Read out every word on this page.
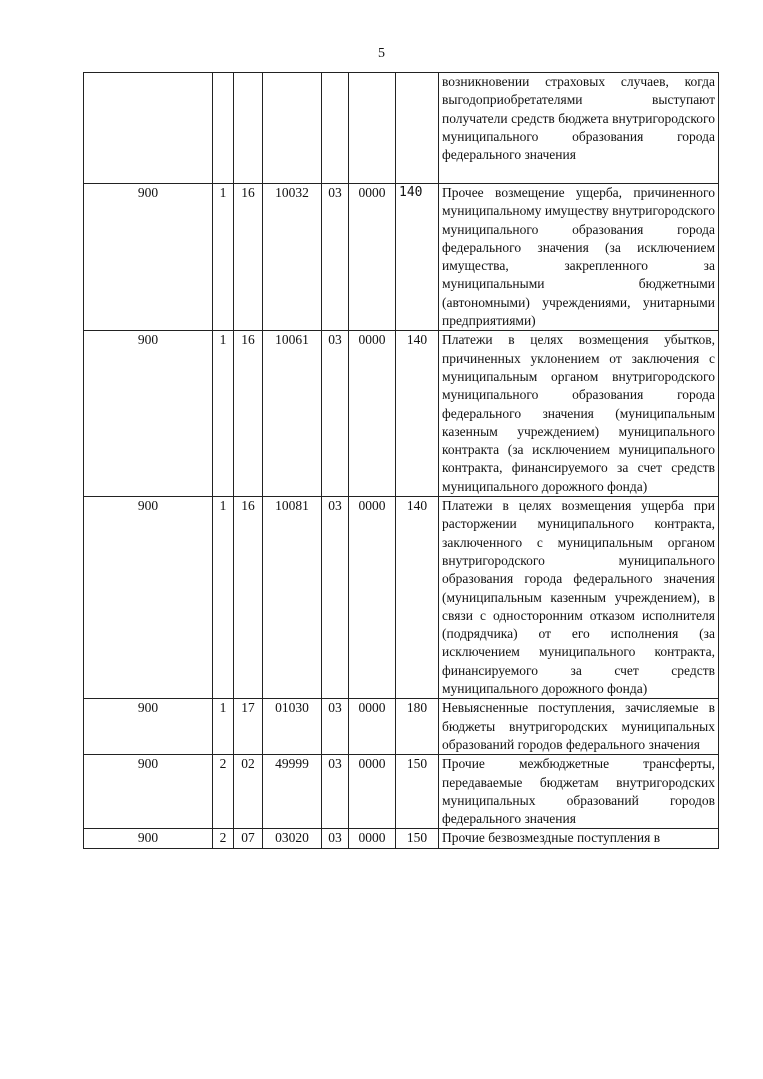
5
							возникновении страховых случаев, когда выгодоприобретателями выступают получатели средств бюджета внутригородского муниципального образования города федерального значения
900	1	16	10032	03	0000	140	Прочее возмещение ущерба, причиненного муниципальному имуществу внутригородского муниципального образования города федерального значения (за исключением имущества, закрепленного за муниципальными бюджетными (автономными) учреждениями, унитарными предприятиями)
900	1	16	10061	03	0000	140	Платежи в целях возмещения убытков, причиненных уклонением от заключения с муниципальным органом внутригородского муниципального образования города федерального значения (муниципальным казенным учреждением) муниципального контракта (за исключением муниципального контракта, финансируемого за счет средств муниципального дорожного фонда)
900	1	16	10081	03	0000	140	Платежи в целях возмещения ущерба при расторжении муниципального контракта, заключенного с муниципальным органом внутригородского муниципального образования города федерального значения (муниципальным казенным учреждением), в связи с односторонним отказом исполнителя (подрядчика) от его исполнения (за исключением муниципального контракта, финансируемого за счет средств муниципального дорожного фонда)
900	1	17	01030	03	0000	180	Невыясненные поступления, зачисляемые в бюджеты внутригородских муниципальных образований городов федерального значения
900	2	02	49999	03	0000	150	Прочие межбюджетные трансферты, передаваемые бюджетам внутригородских муниципальных образований городов федерального значения
900	2	07	03020	03	0000	150	Прочие безвозмездные поступления в
